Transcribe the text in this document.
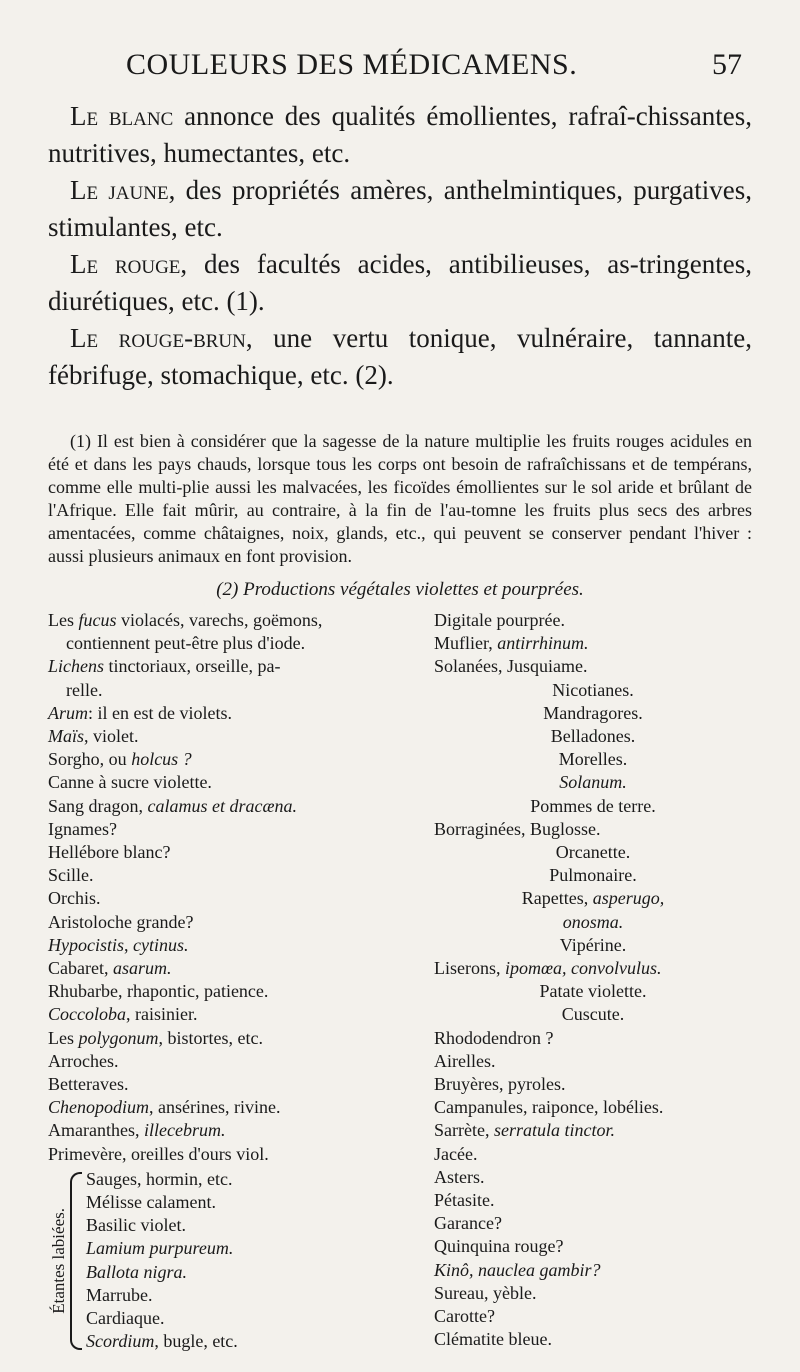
COULEURS DES MÉDICAMENS.	57

Le blanc annonce des qualités émollientes, rafraî-chissantes, nutritives, humectantes, etc.

Le jaune, des propriétés amères, anthelmintiques, purgatives, stimulantes, etc.

Le rouge, des facultés acides, antibilieuses, as-tringentes, diurétiques, etc. (1).

Le rouge-brun, une vertu tonique, vulnéraire, tannante, fébrifuge, stomachique, etc. (2).

(1) Il est bien à considérer que la sagesse de la nature multiplie les fruits rouges acidules en été et dans les pays chauds, lorsque tous les corps ont besoin de rafraîchissans et de tempérans, comme elle multi-plie aussi les malvacées, les ficoïdes émollientes sur le sol aride et brûlant de l'Afrique. Elle fait mûrir, au contraire, à la fin de l'au-tomne les fruits plus secs des arbres amentacées, comme châtaignes, noix, glands, etc., qui peuvent se conserver pendant l'hiver : aussi plusieurs animaux en font provision.

(2) Productions végétales violettes et pourprées.
Les fucus violacés, varechs, goëmons,
contiennent peut-être plus d'iode.
Lichens tinctoriaux, orseille, pa-
relle.
Arum: il en est de violets.
Maïs, violet.
Sorgho, ou holcus ?
Canne à sucre violette.
Sang dragon, calamus et dracæna.
Ignames?
Hellébore blanc?
Scille.
Orchis.
Aristoloche grande?
Hypocistis, cytinus.
Cabaret, asarum.
Rhubarbe, rhapontic, patience.
Coccoloba, raisinier.
Les polygonum, bistortes, etc.
Arroches.
Betteraves.
Chenopodium, ansérines, rivine.
Amaranthes, illecebrum.
Primevère, oreilles d'ours viol.
Étantes labiées.
Sauges, hormin, etc.
Mélisse calament.
Basilic violet.
Lamium purpureum.
Ballota nigra.
Marrube.
Cardiaque.
Scordium, bugle, etc.
Digitale pourprée.
Muflier, antirrhinum.
Solanées, Jusquiame.
Nicotianes.
Mandragores.
Belladones.
Morelles.
Solanum.
Pommes de terre.
Borraginées, Buglosse.
Orcanette.
Pulmonaire.
Rapettes, asperugo,
onosma.
Vipérine.
Liserons, ipomœa, convolvulus.
Patate violette.
Cuscute.
Rhododendron ?
Airelles.
Bruyères, pyroles.
Campanules, raiponce, lobélies.
Sarrète, serratula tinctor.
Jacée.
Asters.
Pétasite.
Garance?
Quinquina rouge?
Kinô, nauclea gambir?
Sureau, yèble.
Carotte?
Clématite bleue.
